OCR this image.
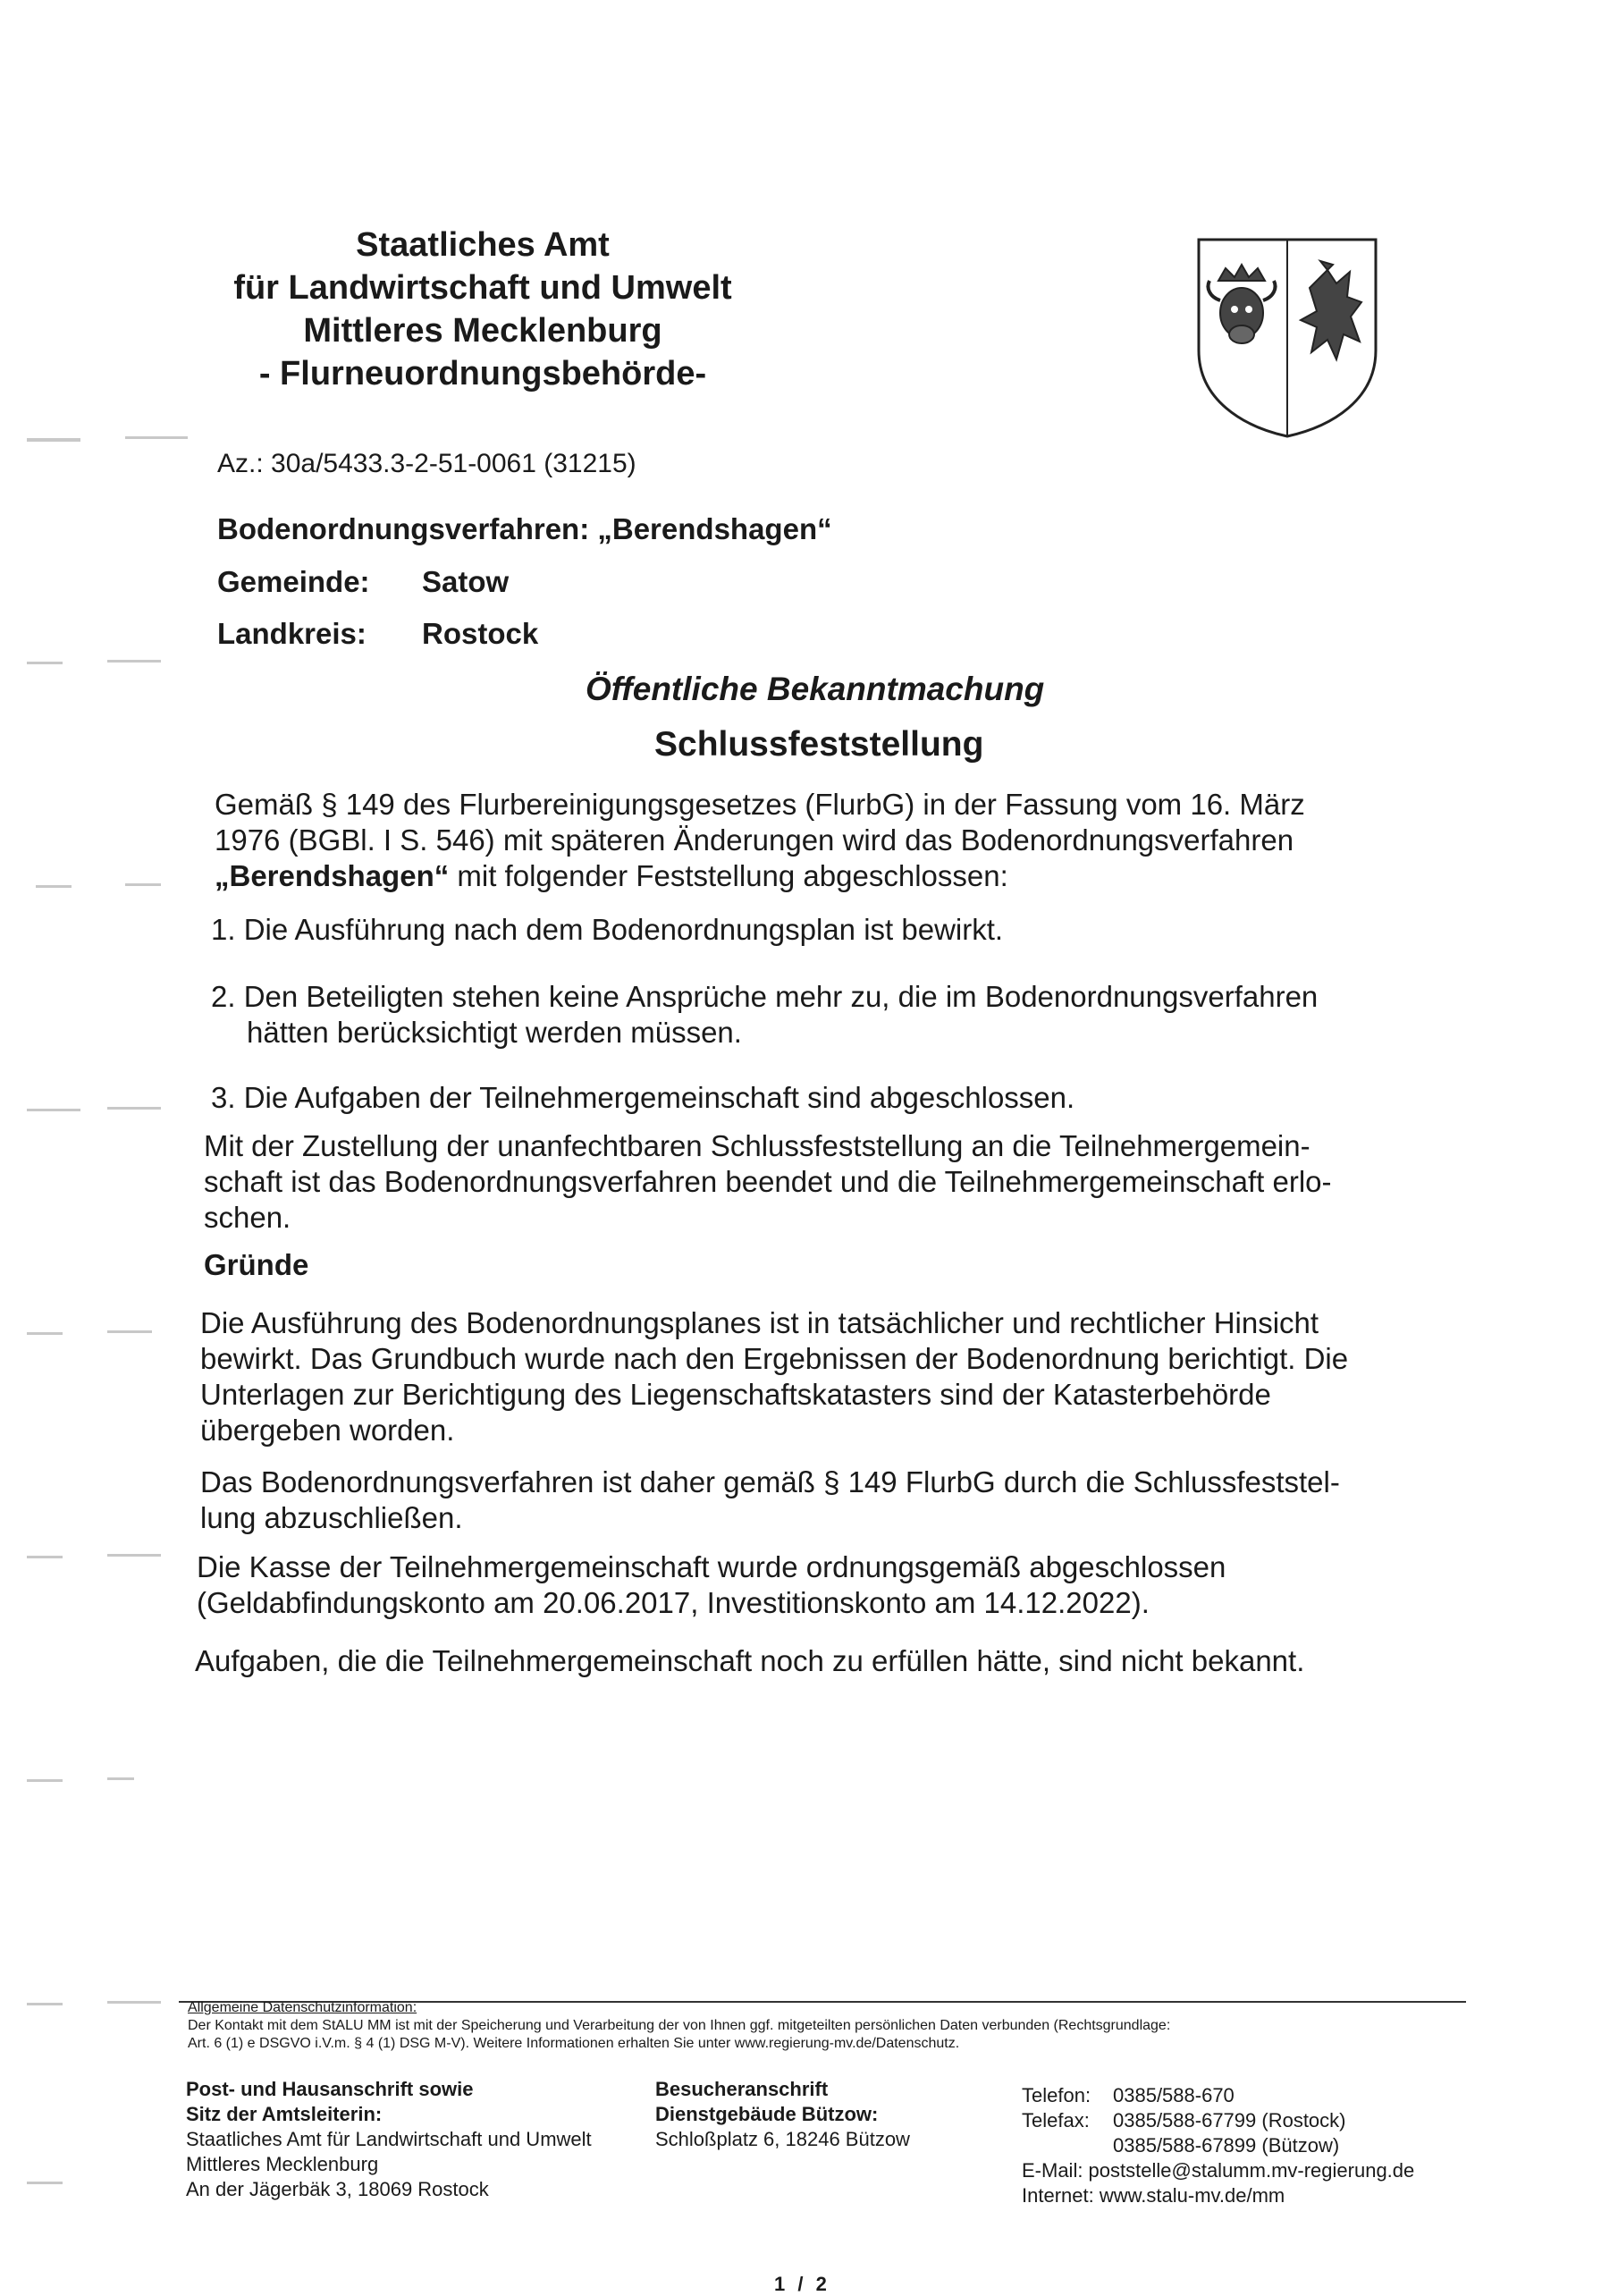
Staatliches Amt
für Landwirtschaft und Umwelt
Mittleres Mecklenburg
- Flurneuordnungsbehörde-
Az.: 30a/5433.3-2-51-0061 (31215)
Bodenordnungsverfahren: „Berendshagen“
Gemeinde: Satow
Landkreis: Rostock
Öffentliche Bekanntmachung
Schlussfeststellung
Gemäß § 149 des Flurbereinigungsgesetzes (FlurbG) in der Fassung vom 16. März
1976 (BGBl. I S. 546) mit späteren Änderungen wird das Bodenordnungsverfahren
„Berendshagen“ mit folgender Feststellung abgeschlossen:
1. Die Ausführung nach dem Bodenordnungsplan ist bewirkt.
2. Den Beteiligten stehen keine Ansprüche mehr zu, die im Bodenordnungsverfahren
hätten berücksichtigt werden müssen.
3. Die Aufgaben der Teilnehmergemeinschaft sind abgeschlossen.
Mit der Zustellung der unanfechtbaren Schlussfeststellung an die Teilnehmergemein-
schaft ist das Bodenordnungsverfahren beendet und die Teilnehmergemeinschaft erlo-
schen.
Gründe
Die Ausführung des Bodenordnungsplanes ist in tatsächlicher und rechtlicher Hinsicht
bewirkt. Das Grundbuch wurde nach den Ergebnissen der Bodenordnung berichtigt. Die
Unterlagen zur Berichtigung des Liegenschaftskatasters sind der Katasterbehörde
übergeben worden.
Das Bodenordnungsverfahren ist daher gemäß § 149 FlurbG durch die Schlussfeststel-
lung abzuschließen.
Die Kasse der Teilnehmergemeinschaft wurde ordnungsgemäß abgeschlossen
(Geldabfindungskonto am 20.06.2017, Investitionskonto am 14.12.2022).
Aufgaben, die die Teilnehmergemeinschaft noch zu erfüllen hätte, sind nicht bekannt.
Allgemeine Datenschutzinformation:
Der Kontakt mit dem StALU MM ist mit der Speicherung und Verarbeitung der von Ihnen ggf. mitgeteilten persönlichen Daten verbunden (Rechtsgrundlage:
Art. 6 (1) e DSGVO i.V.m. § 4 (1) DSG M-V). Weitere Informationen erhalten Sie unter www.regierung-mv.de/Datenschutz.
Post- und Hausanschrift sowie
Sitz der Amtsleiterin:
Staatliches Amt für Landwirtschaft und Umwelt
Mittleres Mecklenburg
An der Jägerbäk 3, 18069 Rostock
Besucheranschrift
Dienstgebäude Bützow:
Schloßplatz 6, 18246 Bützow
Telefon: 0385/588-670
Telefax: 0385/588-67799 (Rostock)
0385/588-67899 (Bützow)
E-Mail: poststelle@stalumm.mv-regierung.de
Internet: www.stalu-mv.de/mm
1 / 2
